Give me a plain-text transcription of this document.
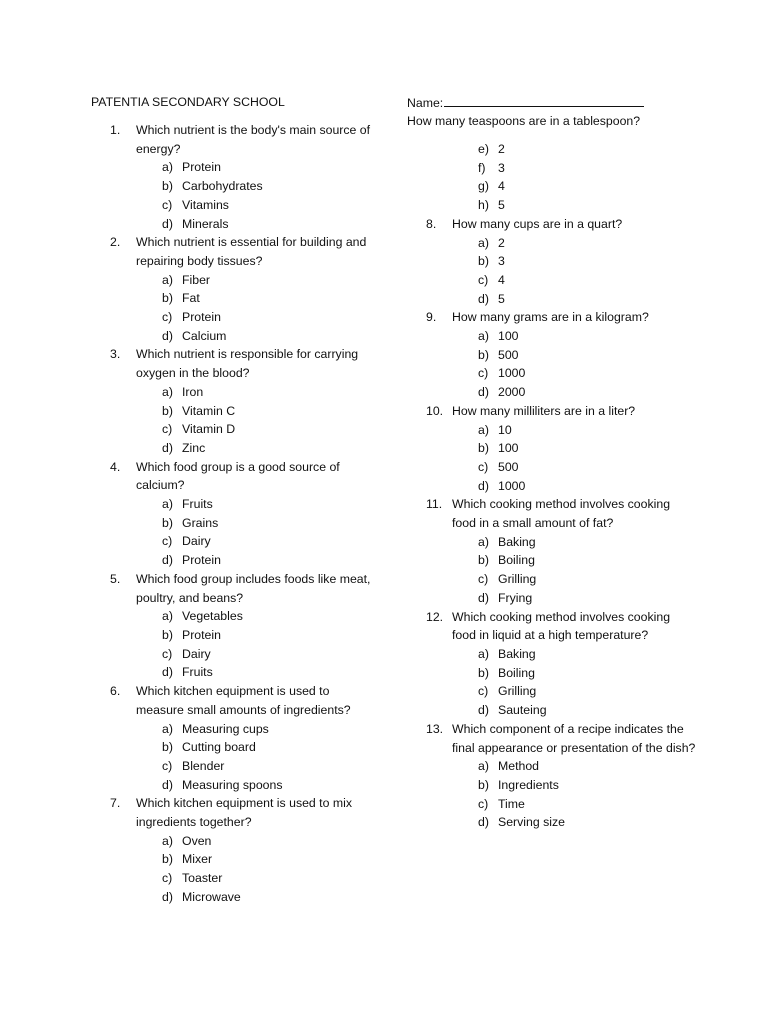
PATENTIA SECONDARY SCHOOL	Name:
1.	Which nutrient is the body's main source of energy?
a) Protein
b) Carbohydrates
c) Vitamins
d) Minerals
2.	Which nutrient is essential for building and repairing body tissues?
a) Fiber
b) Fat
c) Protein
d) Calcium
3.	Which nutrient is responsible for carrying oxygen in the blood?
a) Iron
b) Vitamin C
c) Vitamin D
d) Zinc
4.	Which food group is a good source of calcium?
a) Fruits
b) Grains
c) Dairy
d) Protein
5.	Which food group includes foods like meat, poultry, and beans?
a) Vegetables
b) Protein
c) Dairy
d) Fruits
6.	Which kitchen equipment is used to measure small amounts of ingredients?
a) Measuring cups
b) Cutting board
c) Blender
d) Measuring spoons
7.	Which kitchen equipment is used to mix ingredients together?
a) Oven
b) Mixer
c) Toaster
d) Microwave
How many teaspoons are in a tablespoon?
e) 2
f) 3
g) 4
h) 5
8.	How many cups are in a quart?
a) 2
b) 3
c) 4
d) 5
9.	How many grams are in a kilogram?
a) 100
b) 500
c) 1000
d) 2000
10. How many milliliters are in a liter?
a) 10
b) 100
c) 500
d) 1000
11. Which cooking method involves cooking food in a small amount of fat?
a) Baking
b) Boiling
c) Grilling
d) Frying
12. Which cooking method involves cooking food in liquid at a high temperature?
a) Baking
b) Boiling
c) Grilling
d) Sauteing
13. Which component of a recipe indicates the final appearance or presentation of the dish?
a) Method
b) Ingredients
c) Time
d) Serving size
